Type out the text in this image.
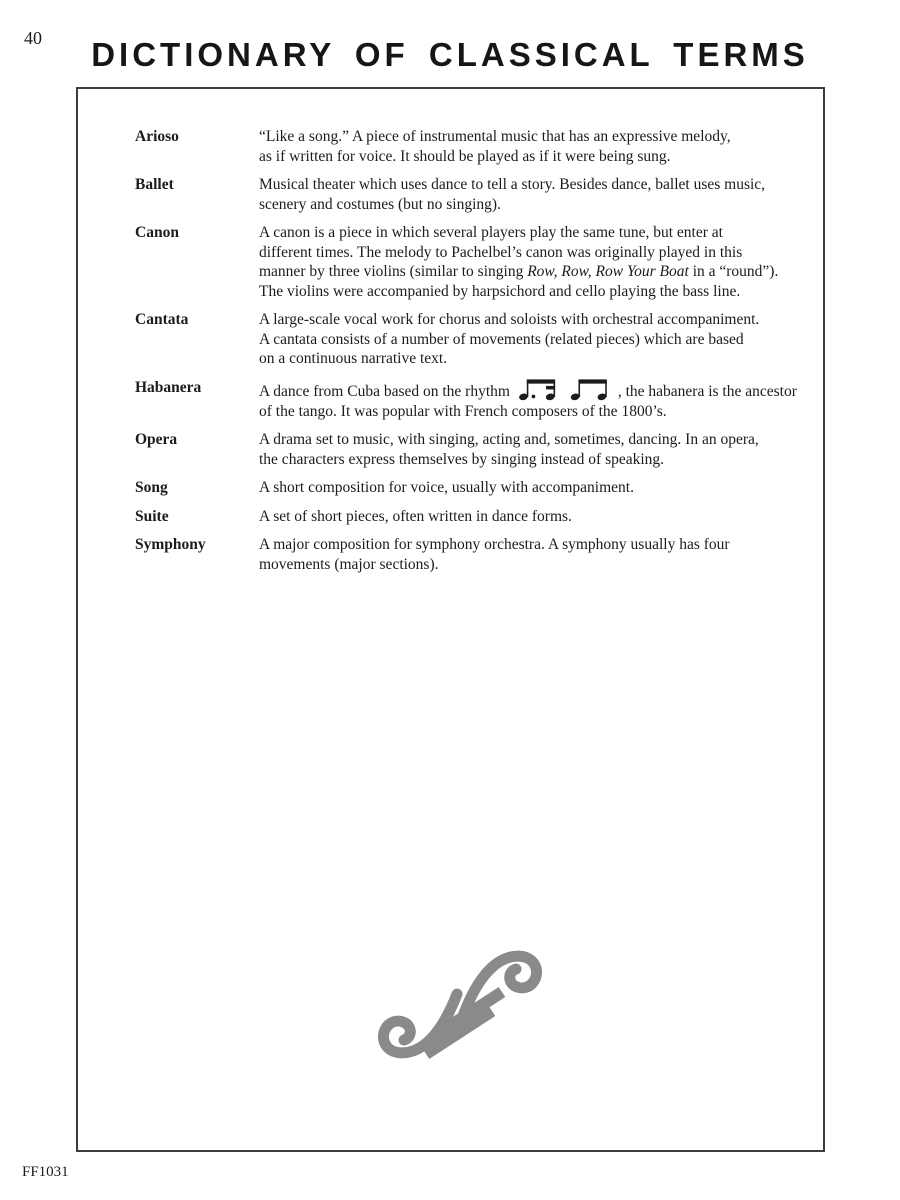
40	DICTIONARY OF CLASSICAL TERMS
Arioso	“Like a song.” A piece of instrumental music that has an expressive melody,
as if written for voice. It should be played as if it were being sung.
Ballet	Musical theater which uses dance to tell a story. Besides dance, ballet uses music,
scenery and costumes (but no singing).
Canon	A canon is a piece in which several players play the same tune, but enter at
different times. The melody to Pachelbel’s canon was originally played in this
manner by three violins (similar to singing Row, Row, Row Your Boat in a “round”).
The violins were accompanied by harpsichord and cello playing the bass line.
Cantata	A large-scale vocal work for chorus and soloists with orchestral accompaniment.
A cantata consists of a number of movements (related pieces) which are based
on a continuous narrative text.
Habanera	A dance from Cuba based on the rhythm	, the habanera is the ancestor
of the tango. It was popular with French composers of the 1800’s.
Opera	A drama set to music, with singing, acting and, sometimes, dancing. In an opera,
the characters express themselves by singing instead of speaking.
Song	A short composition for voice, usually with accompaniment.
Suite	A set of short pieces, often written in dance forms.
Symphony	A major composition for symphony orchestra. A symphony usually has four
movements (major sections).
FF1031
